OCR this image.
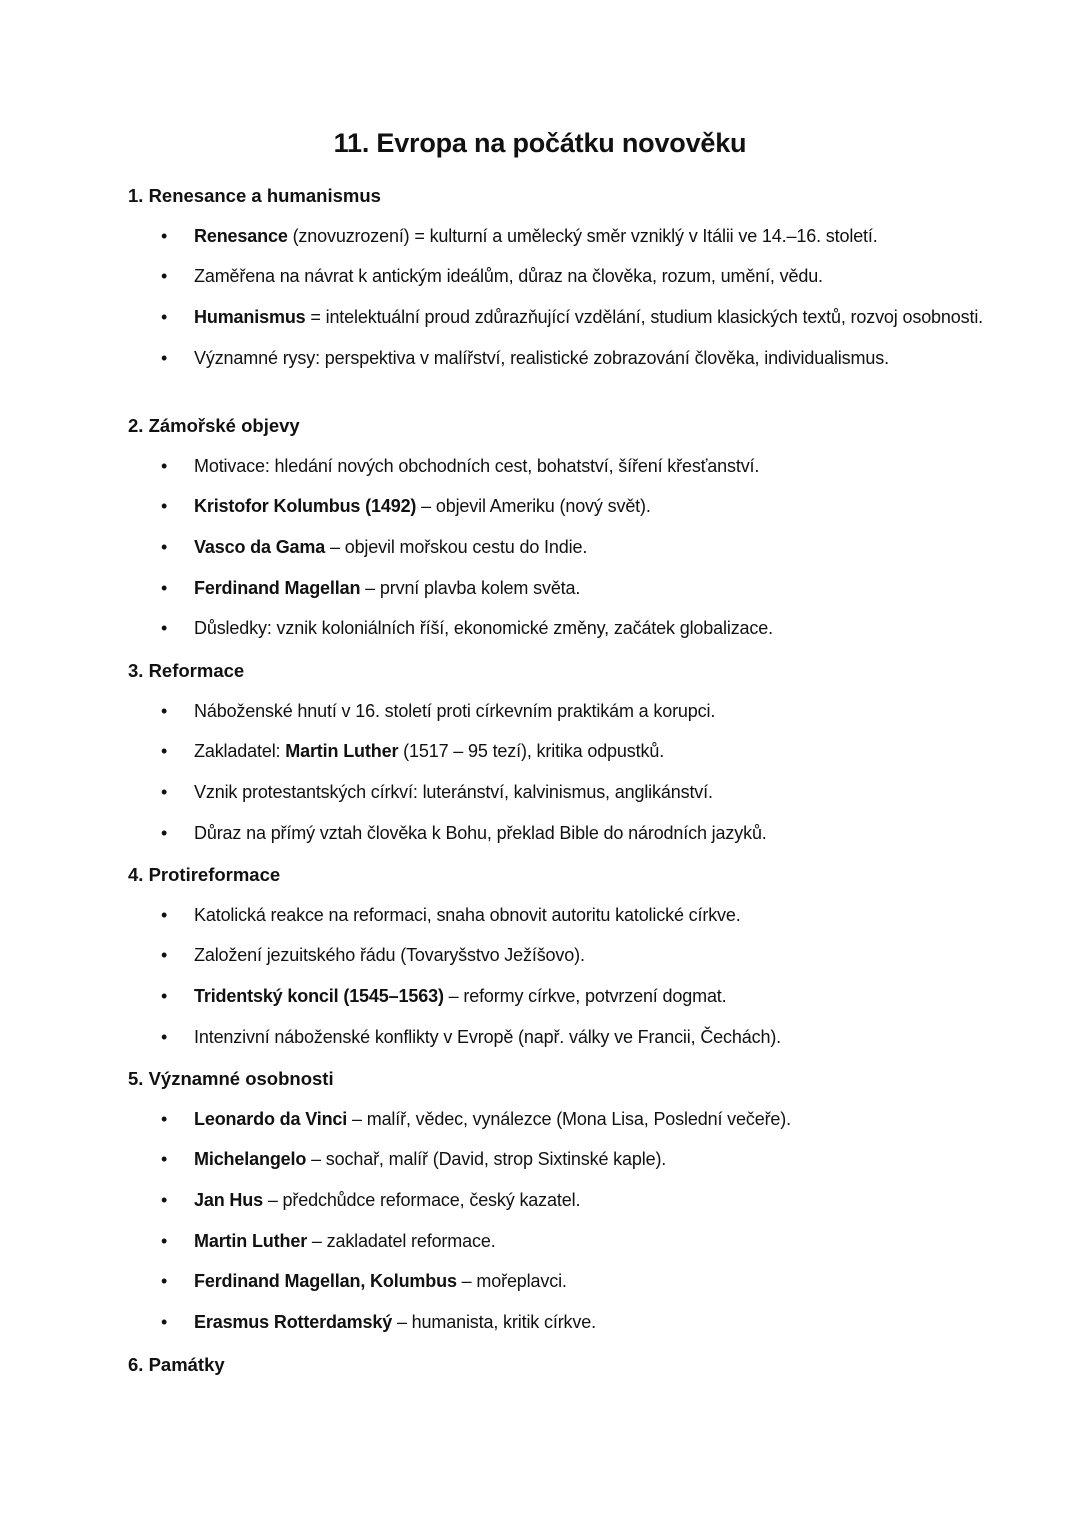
11. Evropa na počátku novověku
1. Renesance a humanismus
• Renesance (znovuzrození) = kulturní a umělecký směr vzniklý v Itálii ve 14.–16. století.
• Zaměřena na návrat k antickým ideálům, důraz na člověka, rozum, umění, vědu.
• Humanismus = intelektuální proud zdůrazňující vzdělání, studium klasických textů, rozvoj osobnosti.
• Významné rysy: perspektiva v malířství, realistické zobrazování člověka, individualismus.
2. Zámořské objevy
• Motivace: hledání nových obchodních cest, bohatství, šíření křesťanství.
• Kristofor Kolumbus (1492) – objevil Ameriku (nový svět).
• Vasco da Gama – objevil mořskou cestu do Indie.
• Ferdinand Magellan – první plavba kolem světa.
• Důsledky: vznik koloniálních říší, ekonomické změny, začátek globalizace.
3. Reformace
• Náboženské hnutí v 16. století proti církevním praktikám a korupci.
• Zakladatel: Martin Luther (1517 – 95 tezí), kritika odpustků.
• Vznik protestantských církví: luteránství, kalvinismus, anglikánství.
• Důraz na přímý vztah člověka k Bohu, překlad Bible do národních jazyků.
4. Protireformace
• Katolická reakce na reformaci, snaha obnovit autoritu katolické církve.
• Založení jezuitského řádu (Tovaryšstvo Ježíšovo).
• Tridentský koncil (1545–1563) – reformy církve, potvrzení dogmat.
• Intenzivní náboženské konflikty v Evropě (např. války ve Francii, Čechách).
5. Významné osobnosti
• Leonardo da Vinci – malíř, vědec, vynálezce (Mona Lisa, Poslední večeře).
• Michelangelo – sochař, malíř (David, strop Sixtinské kaple).
• Jan Hus – předchůdce reformace, český kazatel.
• Martin Luther – zakladatel reformace.
• Ferdinand Magellan, Kolumbus – mořeplavci.
• Erasmus Rotterdamský – humanista, kritik církve.
6. Památky
